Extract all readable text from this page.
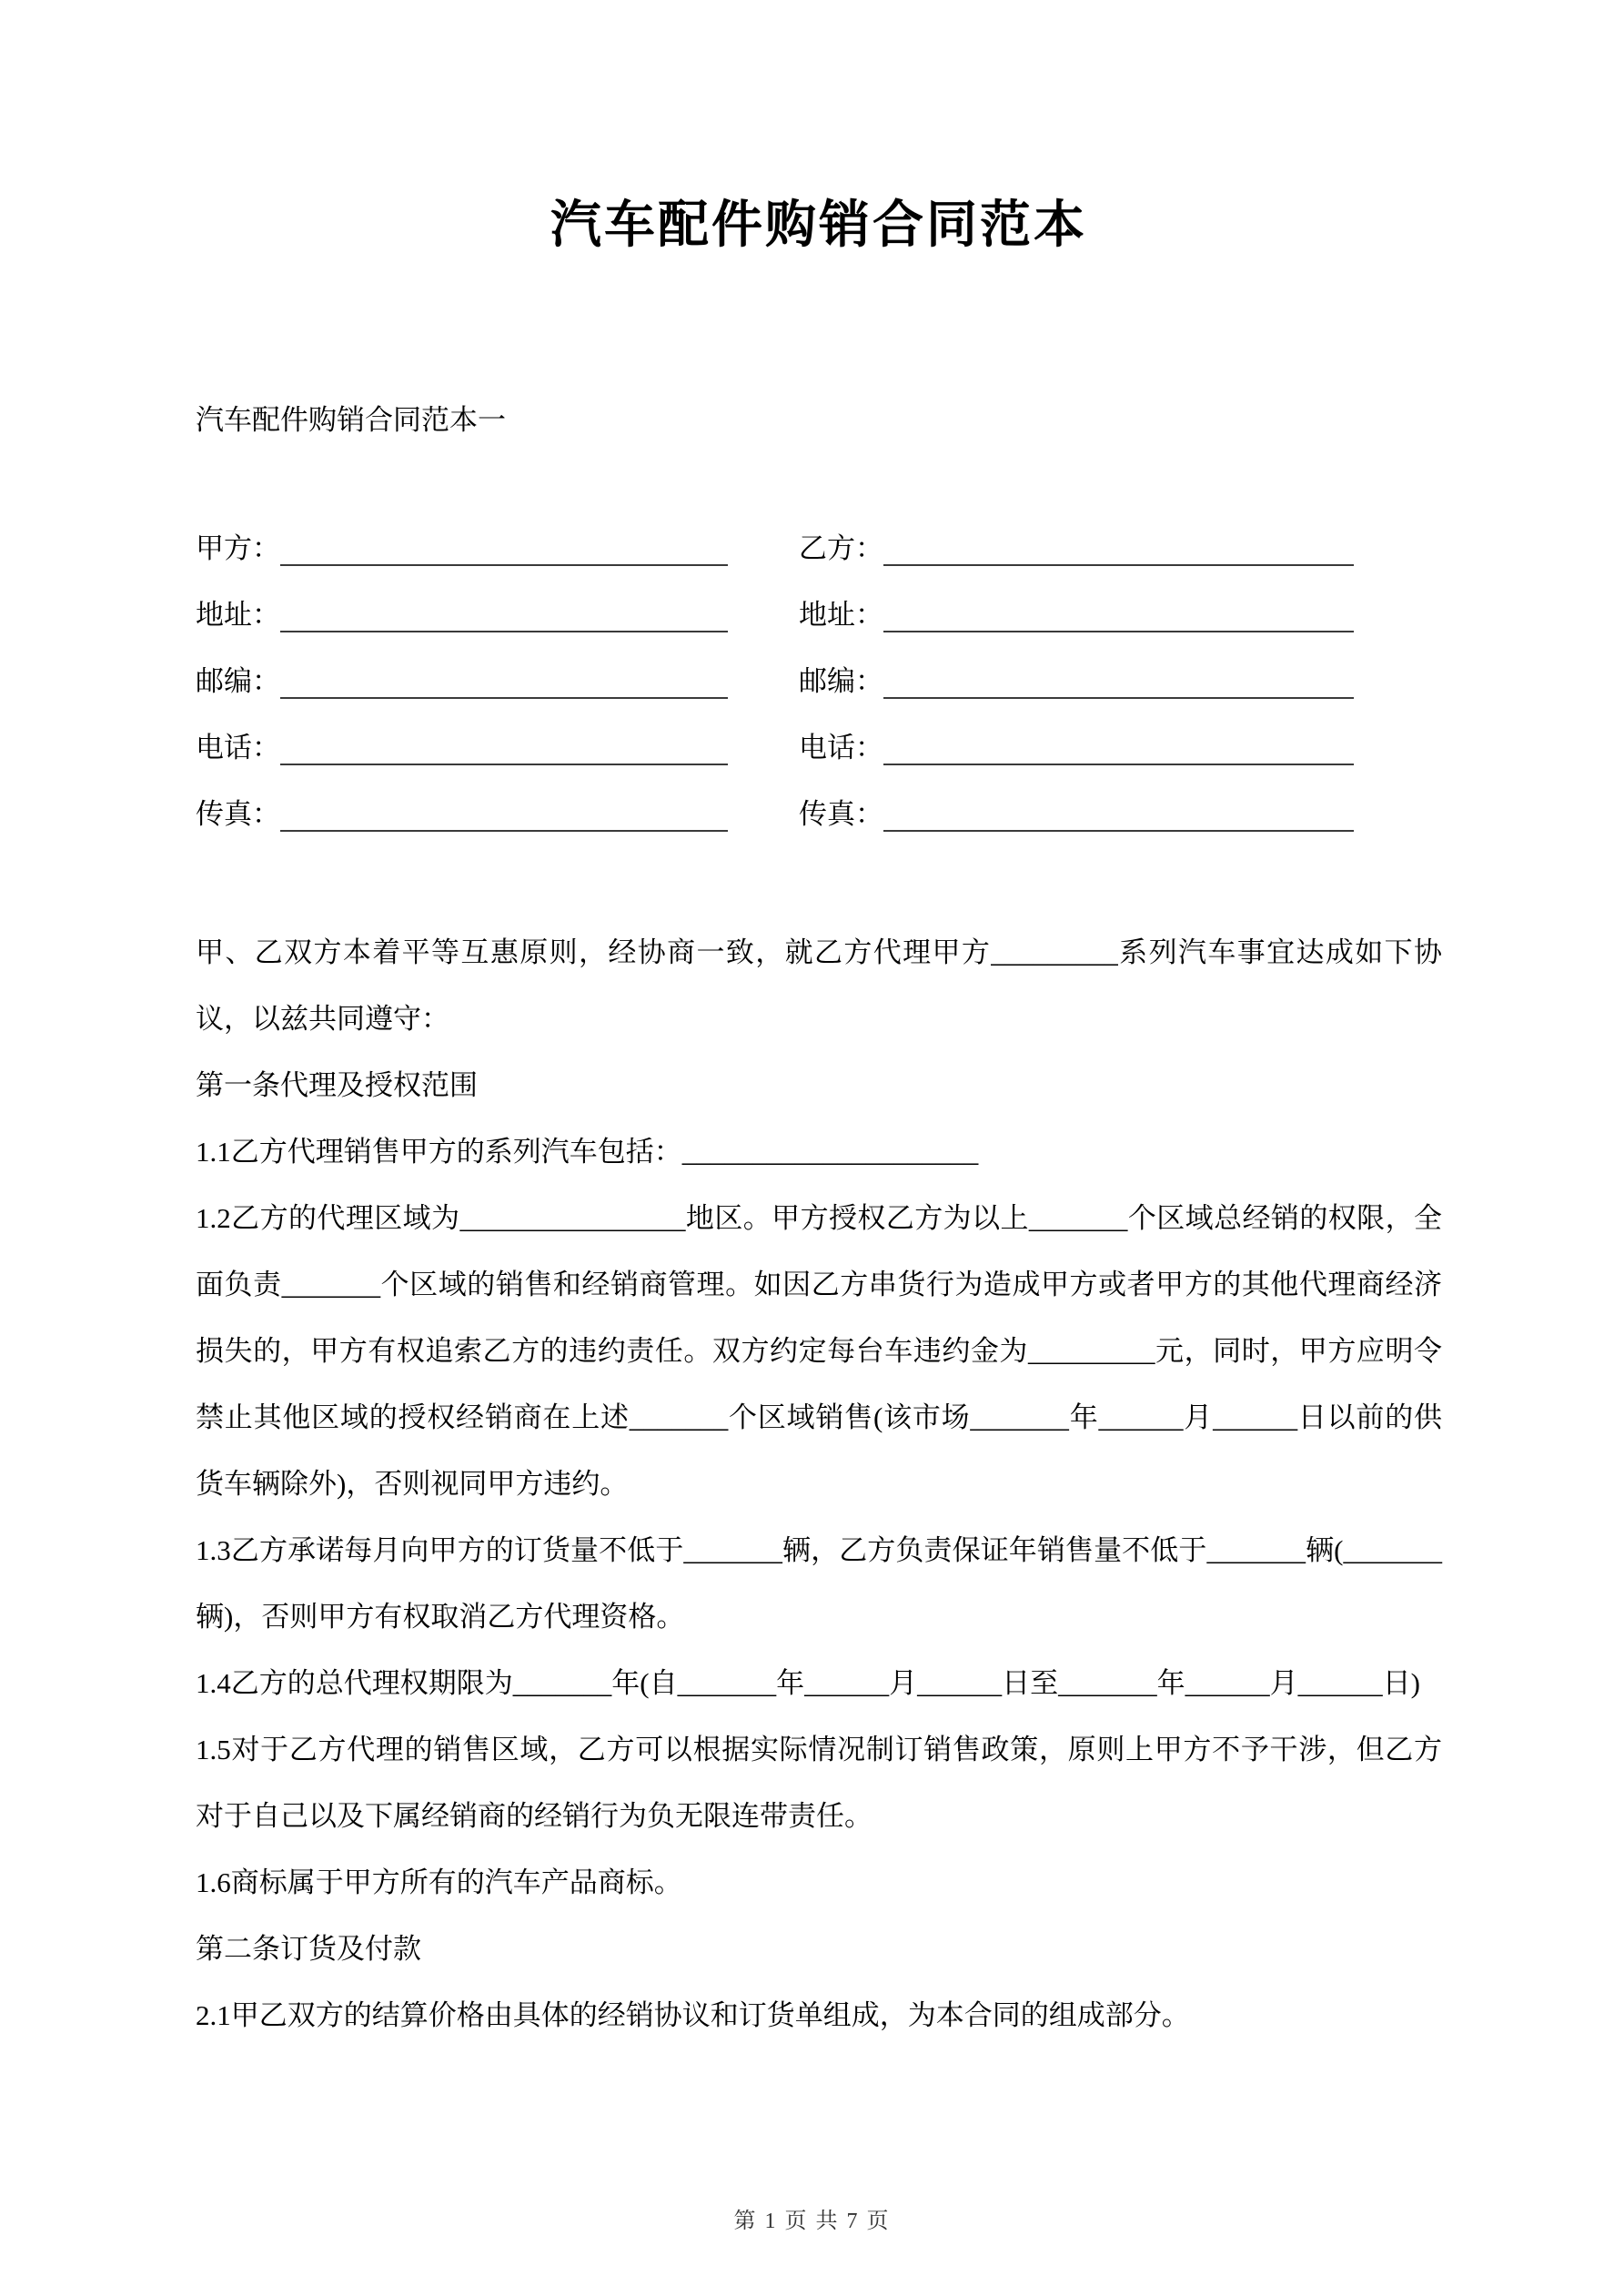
汽车配件购销合同范本
汽车配件购销合同范本一
甲方：	乙方：
地址：	地址：
邮编：	邮编：
电话：	电话：
传真：	传真：

甲、乙双方本着平等互惠原则，经协商一致，就乙方代理甲方_________系列汽车事宜达成如下协议，以兹共同遵守：

第一条代理及授权范围

1.1乙方代理销售甲方的系列汽车包括：_____________________

1.2乙方的代理区域为________________地区。甲方授权乙方为以上_______个区域总经销的权限，全面负责_______个区域的销售和经销商管理。如因乙方串货行为造成甲方或者甲方的其他代理商经济损失的，甲方有权追索乙方的违约责任。双方约定每台车违约金为_________元，同时，甲方应明令禁止其他区域的授权经销商在上述_______个区域销售(该市场_______年______月______日以前的供货车辆除外)，否则视同甲方违约。

1.3乙方承诺每月向甲方的订货量不低于_______辆，乙方负责保证年销售量不低于_______辆(_______辆)，否则甲方有权取消乙方代理资格。

1.4乙方的总代理权期限为_______年(自_______年______月______日至_______年______月______日)

1.5对于乙方代理的销售区域，乙方可以根据实际情况制订销售政策，原则上甲方不予干涉，但乙方对于自己以及下属经销商的经销行为负无限连带责任。

1.6商标属于甲方所有的汽车产品商标。

第二条订货及付款

2.1甲乙双方的结算价格由具体的经销协议和订货单组成，为本合同的组成部分。

第 1 页 共 7 页
